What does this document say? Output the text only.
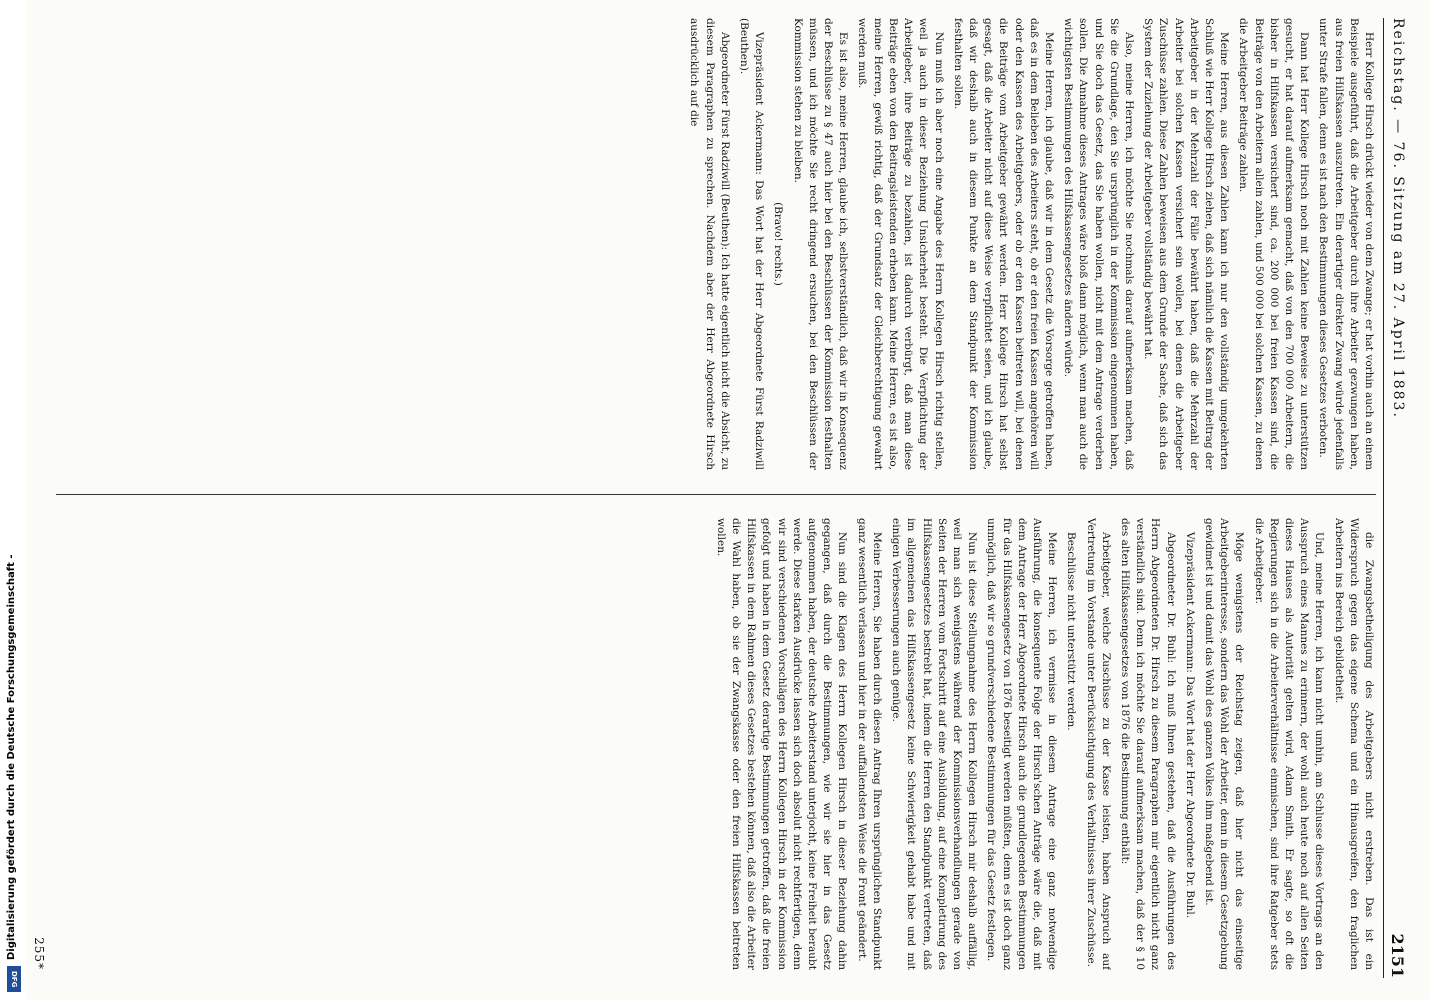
Digitalisierung gefördert durch die Deutsche Forschungsgemeinschaft -
DFG
Reichstag. — 76. Sitzung am 27. April 1883.
2151

Herr Kollege Hirsch drückt wieder von dem Zwange; er hat vorhin auch an einem Beispiele ausgeführt, daß die Arbeitgeber durch ihre Arbeiter gezwungen haben, aus freien Hilfskassen auszutreten. Ein derartiger direkter Zwang würde jedenfalls unter Strafe fallen, denn es ist nach den Bestimmungen dieses Gesetzes verboten.

Dann hat Herr Kollege Hirsch noch mit Zahlen keine Beweise zu unterstützen gesucht, er hat darauf aufmerksam gemacht, daß von den 700 000 Arbeitern, die bisher in Hilfskassen versichert sind, ca. 200 000 bei freien Kassen sind, die Beiträge von den Arbeitern allein zahlen, und 500 000 bei solchen Kassen, zu denen die Arbeitgeber Beiträge zahlen.

Meine Herren, aus diesen Zahlen kann ich nur den vollständig umgekehrten Schluß wie Herr Kollege Hirsch ziehen, daß sich nämlich die Kassen mit Beitrag der Arbeitgeber in der Mehrzahl der Fälle bewährt haben, daß die Mehrzahl der Arbeiter bei solchen Kassen versichert sein wollen, bei denen die Arbeitgeber Zuschüsse zahlen. Diese Zahlen beweisen aus dem Grunde der Sache, daß sich das System der Zuziehung der Arbeitgeber vollständig bewährt hat.

Also, meine Herren, ich möchte Sie nochmals darauf aufmerksam machen, daß Sie die Grundlage, den Sie ursprünglich in der Kommission eingenommen haben, und Sie doch das Gesetz, das Sie haben wollen, nicht mit dem Antrage verderben sollen. Die Annahme dieses Antrages wäre bloß dann möglich, wenn man auch die wichtigsten Bestimmungen des Hilfskassengesetzes ändern würde.

Meine Herren, ich glaube, daß wir in dem Gesetz die Vorsorge getroffen haben, daß es in dem Belieben des Arbeiters steht, ob er den freien Kassen angehören will oder den Kassen des Arbeitgebers, oder ob er den Kassen beitreten will, bei denen die Beiträge vom Arbeitgeber gewährt werden. Herr Kollege Hirsch hat selbst gesagt, daß die Arbeiter nicht auf diese Weise verpflichtet seien, und ich glaube, daß wir deshalb auch in diesem Punkte an dem Standpunkt der Kommission festhalten sollen.

Nun muß ich aber noch eine Angabe des Herrn Kollegen Hirsch richtig stellen, weil ja auch in dieser Beziehung Unsicherheit besteht. Die Verpflichtung der Arbeitgeber, ihre Beiträge zu bezahlen, ist dadurch verbürgt, daß man diese Beiträge eben von den Beitragsleistenden erheben kann. Meine Herren, es ist also, meine Herren, gewiß richtig, daß der Grundsatz der Gleichberechtigung gewahrt werden muß.

Es ist also, meine Herren, glaube ich, selbstverständlich, daß wir in Konsequenz der Beschlüsse zu § 47 auch hier bei den Beschlüssen der Kommission festhalten müssen, und ich möchte Sie recht dringend ersuchen, bei den Beschlüssen der Kommission stehen zu bleiben.

(Bravo! rechts.)

Vizepräsident Ackermann: Das Wort hat der Herr Abgeordnete Fürst Radziwill (Beuthen).

Abgeordneter Fürst Radziwill (Beuthen): Ich hatte eigentlich nicht die Absicht, zu diesem Paragraphen zu sprechen. Nachdem aber der Herr Abgeordnete Hirsch ausdrücklich auf die

die Zwangsbetheiligung des Arbeitgebers nicht erstreben. Das ist ein Widerspruch gegen das eigene Schema und ein Hinausgreifen, den fraglichen Arbeitern ins Bereich gebildetheit.

Und, meine Herren, ich kann nicht umhin, am Schlusse dieses Vortrags an den Ausspruch eines Mannes zu erinnern, der wohl auch heute noch auf allen Seiten dieses Hauses als Autorität gelten wird, Adam Smith. Er sagte, so oft die Regierungen sich in die Arbeiterverhältnisse einmischen, sind ihre Ratgeber stets die Arbeitgeber.

Möge wenigstens der Reichstag zeigen, daß hier nicht das einseitige Arbeitgeberinteresse, sondern das Wohl der Arbeiter, denn in diesem Gesetzgebung gewidmet ist und damit das Wohl des ganzen Volkes ihm maßgebend ist.

Vizepräsident Ackermann: Das Wort hat der Herr Abgeordnete Dr. Buhl.

Abgeordneter Dr. Buhl: Ich muß Ihnen gestehen, daß die Ausführungen des Herrn Abgeordneten Dr. Hirsch zu diesem Paragraphen mir eigentlich nicht ganz verständlich sind. Denn ich möchte Sie darauf aufmerksam machen, daß der § 10 des alten Hilfskassengesetzes von 1876 die Bestimmung enthält:

Arbeitgeber, welche Zuschüsse zu der Kasse leisten, haben Anspruch auf Vertretung im Vorstande unter Berücksichtigung des Verhältnisses ihrer Zuschüsse.

Beschlüsse nicht unterstützt werden.

Meine Herren, ich vermisse in diesem Antrage eine ganz notwendige Ausführung, die konsequente Folge der Hirsch'schen Anträge wäre die, daß mit dem Antrage der Herr Abgeordnete Hirsch auch die grundlegenden Bestimmungen für das Hilfskassengesetz von 1876 beseitigt werden müßten, denn es ist doch ganz unmöglich, daß wir so grundverschiedene Bestimmungen für das Gesetz festlegen.

Nun ist diese Stellungnahme des Herrn Kollegen Hirsch mir deshalb auffällig, weil man sich wenigstens während der Kommissionsverhandlungen gerade von Seiten der Herren vom Fortschritt auf eine Ausbildung, auf eine Kompletirung des Hilfskassengesetzes bestrebt hat, indem die Herren den Standpunkt vertreten, daß im allgemeinen das Hilfskassengesetz keine Schwierigkeit gehabt habe und mit einigen Verbesserungen auch genüge.

Meine Herren, Sie haben durch diesen Antrag Ihren ursprünglichen Standpunkt ganz wesentlich verlassen und hier in der auffallendsten Weise die Front geändert.

Nun sind die Klagen des Herrn Kollegen Hirsch in dieser Beziehung dahin gegangen, daß durch die Bestimmungen, wie wir sie hier in das Gesetz aufgenommen haben, der deutsche Arbeiterstand unterjocht, keine Freiheit beraubt werde. Diese starken Ausdrücke lassen sich doch absolut nicht rechtfertigen, denn wir sind verschiedenen Vorschlägen des Herrn Kollegen Hirsch in der Kommission gefolgt und haben in dem Gesetz derartige Bestimmungen getroffen, daß die freien Hilfskassen in dem Rahmen dieses Gesetzes bestehen können, daß also die Arbeiter die Wahl haben, ob sie der Zwangskasse oder den freien Hilfskassen beitreten wollen.

255*
